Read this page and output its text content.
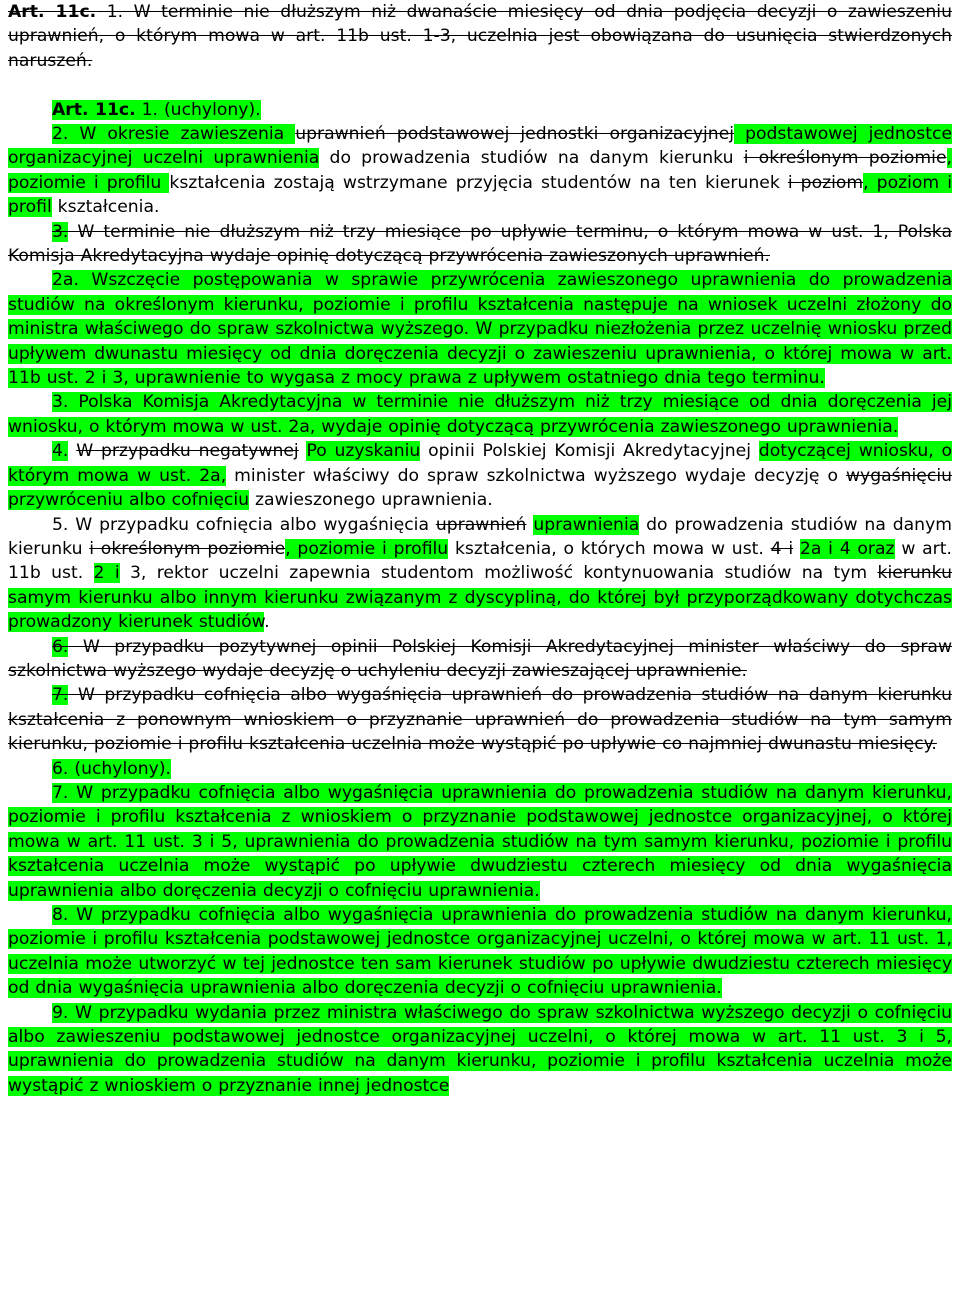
Art. 11c. 1. W terminie nie dłuższym niż dwanaście miesięcy od dnia podjęcia decyzji o zawieszeniu uprawnień, o którym mowa w art. 11b ust. 1-3, uczelnia jest obowiązana do usunięcia stwierdzonych naruszeń.
Art. 11c. 1. (uchylony).
2. W okresie zawieszenia uprawnień podstawowej jednostki organizacyjnej podstawowej jednostce organizacyjnej uczelni uprawnienia do prowadzenia studiów na danym kierunku i określonym poziomie, poziomie i profilu kształcenia zostają wstrzymane przyjęcia studentów na ten kierunek i poziom, poziom i profil kształcenia.
3. W terminie nie dłuższym niż trzy miesiące po upływie terminu, o którym mowa w ust. 1, Polska Komisja Akredytacyjna wydaje opinię dotyczącą przywrócenia zawieszonych uprawnień.
2a. Wszczęcie postępowania w sprawie przywrócenia zawieszonego uprawnienia do prowadzenia studiów na określonym kierunku, poziomie i profilu kształcenia następuje na wniosek uczelni złożony do ministra właściwego do spraw szkolnictwa wyższego. W przypadku niezłożenia przez uczelnię wniosku przed upływem dwunastu miesięcy od dnia doręczenia decyzji o zawieszeniu uprawnienia, o której mowa w art. 11b ust. 2 i 3, uprawnienie to wygasa z mocy prawa z upływem ostatniego dnia tego terminu.
3. Polska Komisja Akredytacyjna w terminie nie dłuższym niż trzy miesiące od dnia doręczenia jej wniosku, o którym mowa w ust. 2a, wydaje opinię dotyczącą przywrócenia zawieszonego uprawnienia.
4. W przypadku negatywnej Po uzyskaniu opinii Polskiej Komisji Akredytacyjnej dotyczącej wniosku, o którym mowa w ust. 2a, minister właściwy do spraw szkolnictwa wyższego wydaje decyzję o wygaśnięciu przywróceniu albo cofnięciu zawieszonego uprawnienia.
5. W przypadku cofnięcia albo wygaśnięcia uprawnień uprawnienia do prowadzenia studiów na danym kierunku i określonym poziomie, poziomie i profilu kształcenia, o których mowa w ust. 4 i 2a i 4 oraz w art. 11b ust. 2 i 3, rektor uczelni zapewnia studentom możliwość kontynuowania studiów na tym kierunku samym kierunku albo innym kierunku związanym z dyscypliną, do której był przyporządkowany dotychczas prowadzony kierunek studiów.
6. W przypadku pozytywnej opinii Polskiej Komisji Akredytacyjnej minister właściwy do spraw szkolnictwa wyższego wydaje decyzję o uchyleniu decyzji zawieszającej uprawnienie.
7. W przypadku cofnięcia albo wygaśnięcia uprawnień do prowadzenia studiów na danym kierunku kształcenia z ponownym wnioskiem o przyznanie uprawnień do prowadzenia studiów na tym samym kierunku, poziomie i profilu kształcenia uczelnia może wystąpić po upływie co najmniej dwunastu miesięcy.
6. (uchylony).
7. W przypadku cofnięcia albo wygaśnięcia uprawnienia do prowadzenia studiów na danym kierunku, poziomie i profilu kształcenia z wnioskiem o przyznanie podstawowej jednostce organizacyjnej, o której mowa w art. 11 ust. 3 i 5, uprawnienia do prowadzenia studiów na tym samym kierunku, poziomie i profilu kształcenia uczelnia może wystąpić po upływie dwudziestu czterech miesięcy od dnia wygaśnięcia uprawnienia albo doręczenia decyzji o cofnięciu uprawnienia.
8. W przypadku cofnięcia albo wygaśnięcia uprawnienia do prowadzenia studiów na danym kierunku, poziomie i profilu kształcenia podstawowej jednostce organizacyjnej uczelni, o której mowa w art. 11 ust. 1, uczelnia może utworzyć w tej jednostce ten sam kierunek studiów po upływie dwudziestu czterech miesięcy od dnia wygaśnięcia uprawnienia albo doręczenia decyzji o cofnięciu uprawnienia.
9. W przypadku wydania przez ministra właściwego do spraw szkolnictwa wyższego decyzji o cofnięciu albo zawieszeniu podstawowej jednostce organizacyjnej uczelni, o której mowa w art. 11 ust. 3 i 5, uprawnienia do prowadzenia studiów na danym kierunku, poziomie i profilu kształcenia uczelnia może wystąpić z wnioskiem o przyznanie innej jednostce
